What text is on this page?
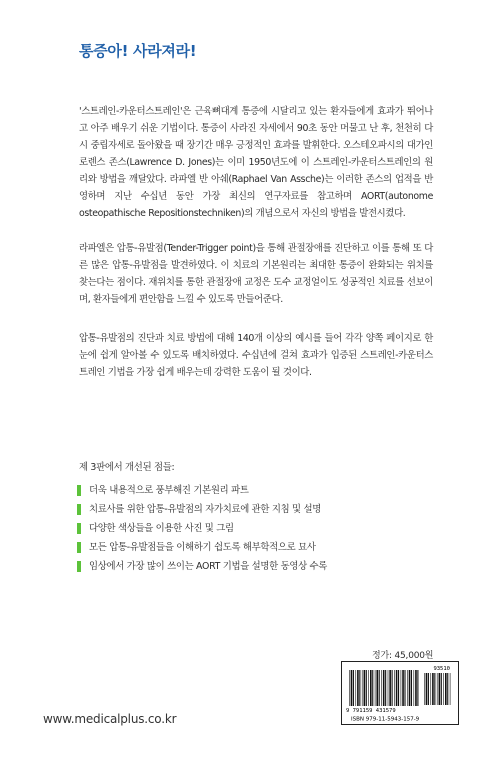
통증아! 사라져라!
'스트레인-카운터스트레인'은 근육뼈대계 통증에 시달리고 있는 환자들에게 효과가 뛰어나고 아주 배우기 쉬운 기법이다. 통증이 사라진 자세에서 90초 동안 머물고 난 후, 천천히 다시 중립자세로 돌아왔을 때 장기간 매우 긍정적인 효과를 발휘한다. 오스테오파시의 대가인 로렌스 존스(Lawrence D. Jones)는 이미 1950년도에 이 스트레인-카운터스트레인의 원리와 방법을 깨달았다. 라파엘 반 아쉐(Raphael Van Assche)는 이러한 존스의 업적을 반영하며 지난 수십년 동안 가장 최신의 연구자료를 참고하며 AORT(autonome osteopathische Repositionstechniken)의 개념으로서 자신의 방법을 발전시켰다.
라파엘은 압통-유발점(Tender-Trigger point)을 통해 관절장애를 진단하고 이를 통해 또 다른 많은 압통-유발점을 발견하였다. 이 치료의 기본원리는 최대한 통증이 완화되는 위치를 찾는다는 점이다. 재위치를 통한 관절장애 교정은 도수 교정얼이도 성공적인 치료를 선보이며, 환자들에게 편안함을 느낄 수 있도록 만들어준다.
압통-유발점의 진단과 치료 방법에 대해 140개 이상의 예시를 들어 각각 양쪽 페이지로 한 눈에 쉽게 알아볼 수 있도록 배치하였다. 수십년에 걸쳐 효과가 입증된 스트레인-카운터스트레인 기법을 가장 쉽게 배우는데 강력한 도움이 될 것이다.
제 3판에서 개선된 점들:
더욱 내용적으로 풍부해진 기본원리 파트
치료사를 위한 압통-유발점의 자가치료에 관한 지침 및 설명
다양한 색상들을 이용한 사진 및 그림
모든 압통-유발점들을 이해하기 쉽도록 해부학적으로 묘사
임상에서 가장 많이 쓰이는 AORT 기법을 설명한 동영상 수록
정가: 45,000원
93510
9 791159 431579
ISBN 979-11-5943-157-9
www.medicalplus.co.kr
